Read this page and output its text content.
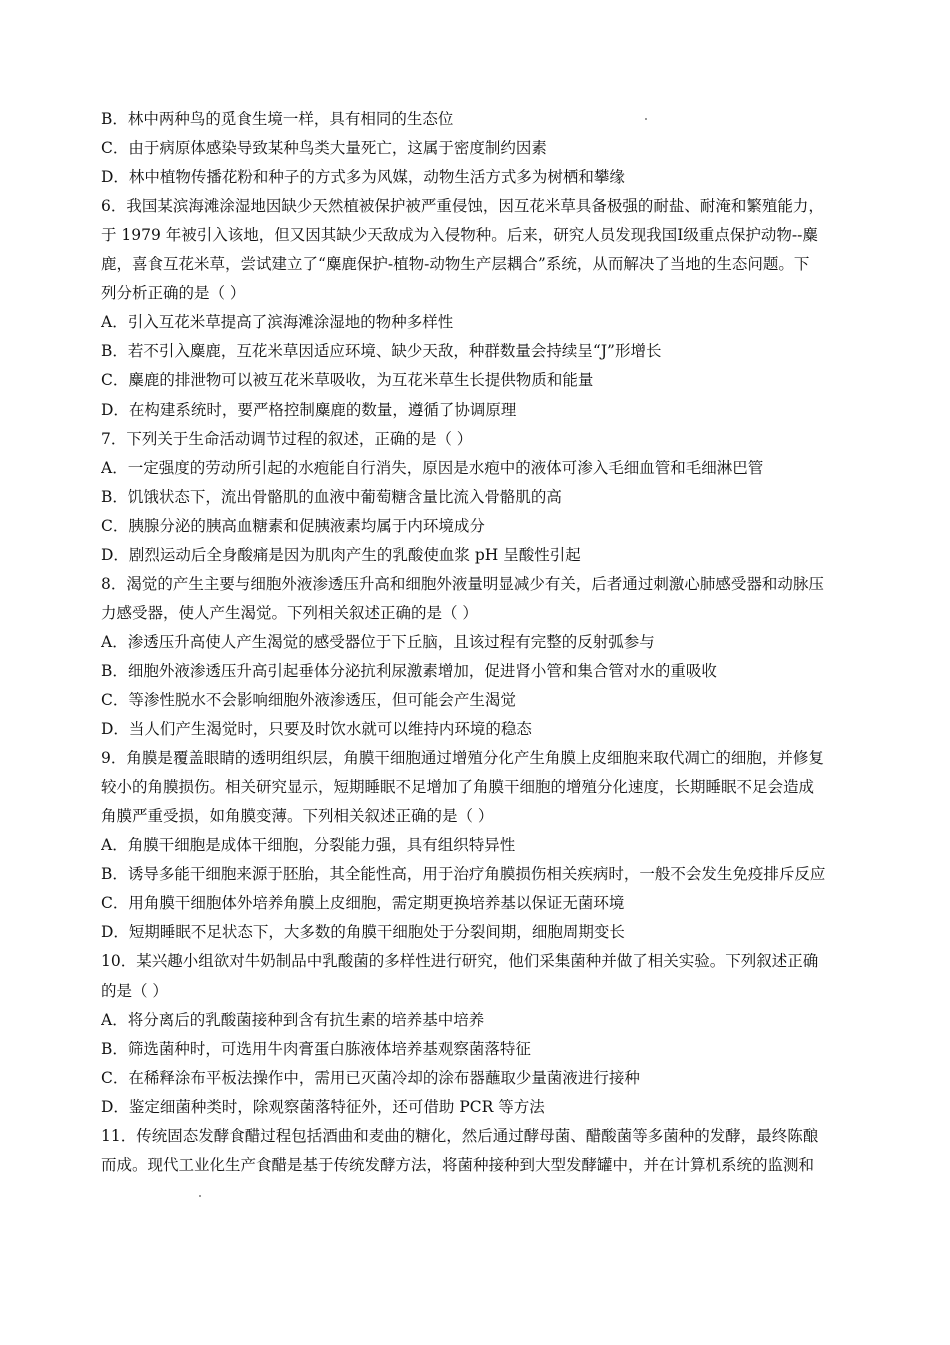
B．林中两种鸟的觅食生境一样，具有相同的生态位
C．由于病原体感染导致某种鸟类大量死亡，这属于密度制约因素
D．林中植物传播花粉和种子的方式多为风媒，动物生活方式多为树栖和攀缘
6．我国某滨海滩涂湿地因缺少天然植被保护被严重侵蚀，因互花米草具备极强的耐盐、耐淹和繁殖能力，
于 1979 年被引入该地，但又因其缺少天敌成为入侵物种。后来，研究人员发现我国Ⅰ级重点保护动物--麋
鹿，喜食互花米草，尝试建立了“麋鹿保护-植物-动物生产层耦合”系统，从而解决了当地的生态问题。下
列分析正确的是（ ）
A．引入互花米草提高了滨海滩涂湿地的物种多样性
B．若不引入麋鹿，互花米草因适应环境、缺少天敌，种群数量会持续呈“J”形增长
C．麋鹿的排泄物可以被互花米草吸收，为互花米草生长提供物质和能量
D．在构建系统时，要严格控制麋鹿的数量，遵循了协调原理
7．下列关于生命活动调节过程的叙述，正确的是（ ）
A．一定强度的劳动所引起的水疱能自行消失，原因是水疱中的液体可渗入毛细血管和毛细淋巴管
B．饥饿状态下，流出骨骼肌的血液中葡萄糖含量比流入骨骼肌的高
C．胰腺分泌的胰高血糖素和促胰液素均属于内环境成分
D．剧烈运动后全身酸痛是因为肌肉产生的乳酸使血浆 pH 呈酸性引起
8．渴觉的产生主要与细胞外液渗透压升高和细胞外液量明显减少有关，后者通过刺激心肺感受器和动脉压
力感受器，使人产生渴觉。下列相关叙述正确的是（ ）
A．渗透压升高使人产生渴觉的感受器位于下丘脑，且该过程有完整的反射弧参与
B．细胞外液渗透压升高引起垂体分泌抗利尿激素增加，促进肾小管和集合管对水的重吸收
C．等渗性脱水不会影响细胞外液渗透压，但可能会产生渴觉
D．当人们产生渴觉时，只要及时饮水就可以维持内环境的稳态
9．角膜是覆盖眼睛的透明组织层，角膜干细胞通过增殖分化产生角膜上皮细胞来取代凋亡的细胞，并修复
较小的角膜损伤。相关研究显示，短期睡眠不足增加了角膜干细胞的增殖分化速度，长期睡眠不足会造成
角膜严重受损，如角膜变薄。下列相关叙述正确的是（ ）
A．角膜干细胞是成体干细胞，分裂能力强，具有组织特异性
B．诱导多能干细胞来源于胚胎，其全能性高，用于治疗角膜损伤相关疾病时，一般不会发生免疫排斥反应
C．用角膜干细胞体外培养角膜上皮细胞，需定期更换培养基以保证无菌环境
D．短期睡眠不足状态下，大多数的角膜干细胞处于分裂间期，细胞周期变长
10．某兴趣小组欲对牛奶制品中乳酸菌的多样性进行研究，他们采集菌种并做了相关实验。下列叙述正确
的是（ ）
A．将分离后的乳酸菌接种到含有抗生素的培养基中培养
B．筛选菌种时，可选用牛肉膏蛋白胨液体培养基观察菌落特征
C．在稀释涂布平板法操作中，需用已灭菌冷却的涂布器蘸取少量菌液进行接种
D．鉴定细菌种类时，除观察菌落特征外，还可借助 PCR 等方法
11．传统固态发酵食醋过程包括酒曲和麦曲的糖化，然后通过酵母菌、醋酸菌等多菌种的发酵，最终陈酿
而成。现代工业化生产食醋是基于传统发酵方法，将菌种接种到大型发酵罐中，并在计算机系统的监测和
